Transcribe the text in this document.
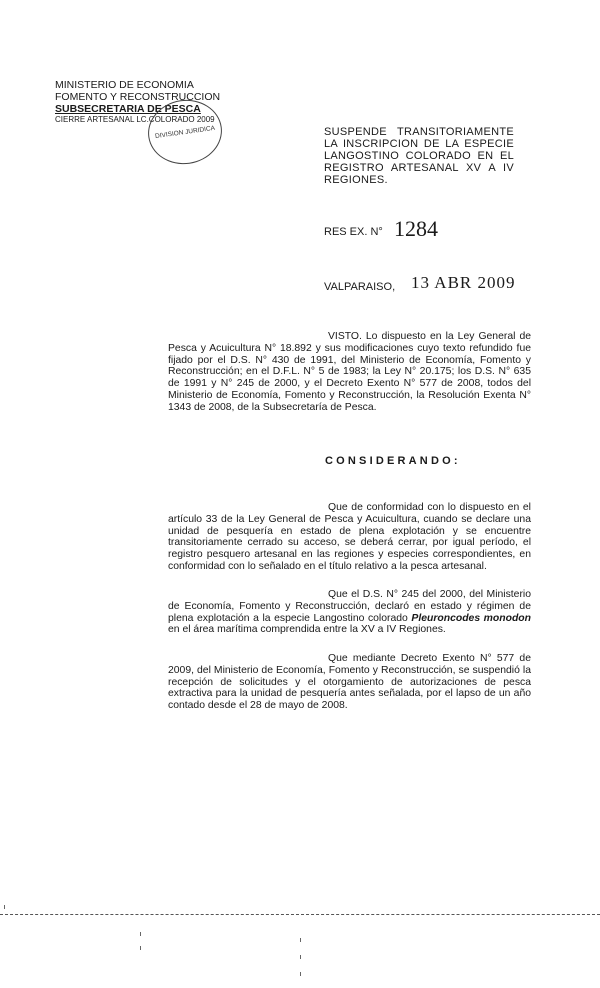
MINISTERIO DE ECONOMIA
FOMENTO Y RECONSTRUCCION
SUBSECRETARIA DE PESCA
CIERRE ARTESANAL LC.COLORADO 2009
DIVISION JURIDICA	SUSPENDE TRANSITORIAMENTE LA INSCRIPCION DE LA ESPECIE LANGOSTINO COLORADO EN EL REGISTRO ARTESANAL XV A IV REGIONES.
RES EX. N° 1284
VALPARAISO, 13 ABR 2009

VISTO. Lo dispuesto en la Ley General de Pesca y Acuicultura N° 18.892 y sus modificaciones cuyo texto refundido fue fijado por el D.S. N° 430 de 1991, del Ministerio de Economía, Fomento y Reconstrucción; en el D.F.L. N° 5 de 1983; la Ley N° 20.175; los D.S. N° 635 de 1991 y N° 245 de 2000, y el Decreto Exento N° 577 de 2008, todos del Ministerio de Economía, Fomento y Reconstrucción, la Resolución Exenta N° 1343 de 2008, de la Subsecretaría de Pesca.

CONSIDERANDO:

Que de conformidad con lo dispuesto en el artículo 33 de la Ley General de Pesca y Acuicultura, cuando se declare una unidad de pesquería en estado de plena explotación y se encuentre transitoriamente cerrado su acceso, se deberá cerrar, por igual período, el registro pesquero artesanal en las regiones y especies correspondientes, en conformidad con lo señalado en el título relativo a la pesca artesanal.

Que el D.S. N° 245 del 2000, del Ministerio de Economía, Fomento y Reconstrucción, declaró en estado y régimen de plena explotación a la especie Langostino colorado Pleuroncodes monodon en el área marítima comprendida entre la XV a IV Regiones.

Que mediante Decreto Exento N° 577 de 2009, del Ministerio de Economía, Fomento y Reconstrucción, se suspendió la recepción de solicitudes y el otorgamiento de autorizaciones de pesca extractiva para la unidad de pesquería antes señalada, por el lapso de un año contado desde el 28 de mayo de 2008.
